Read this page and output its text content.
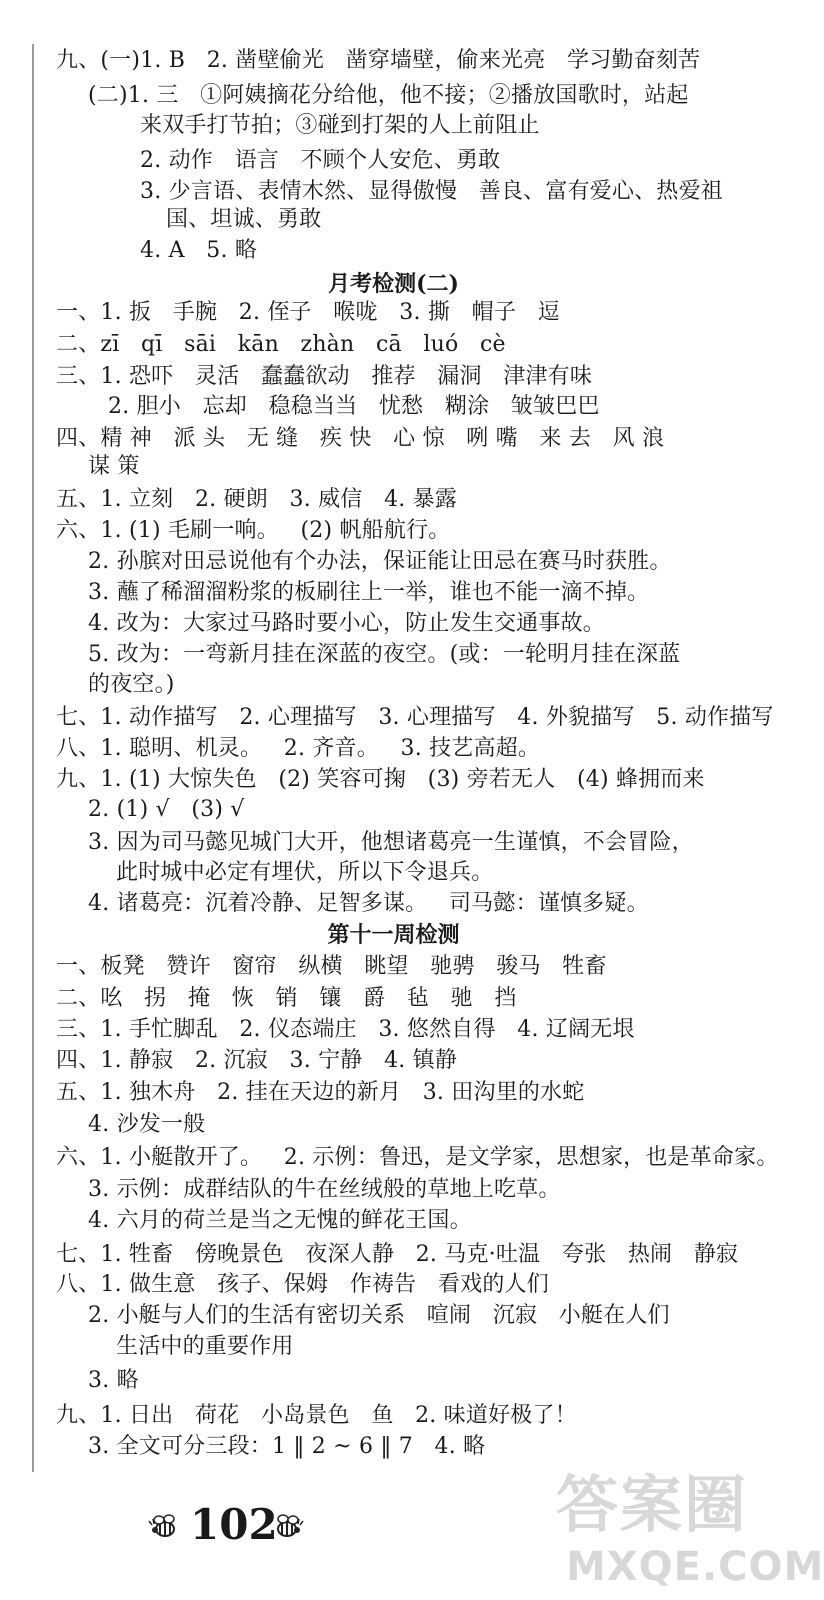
九、(一)1. B   2. 凿壁偷光   凿穿墙壁，偷来光亮   学习勤奋刻苦
(二)1. 三   ①阿姨摘花分给他，他不接；②播放国歌时，站起
来双手打节拍；③碰到打架的人上前阻止
2. 动作   语言   不顾个人安危、勇敢
3. 少言语、表情木然、显得傲慢   善良、富有爱心、热爱祖
国、坦诚、勇敢
4. A   5. 略
月考检测(二)
一、1. 扳   手腕   2. 侄子   喉咙   3. 撕   帽子   逗
二、zī   qī   sāi   kān   zhàn   cā   luó   cè
三、1. 恐吓   灵活   蠢蠢欲动   推荐   漏洞   津津有味
2. 胆小   忘却   稳稳当当   忧愁   糊涂   皱皱巴巴
四、精 神   派 头   无 缝   疾 快   心 惊   咧 嘴   来 去   风 浪
谋 策
五、1. 立刻   2. 硬朗   3. 威信   4. 暴露
六、1. (1) 毛刷一响。   (2) 帆船航行。
2. 孙膑对田忌说他有个办法，保证能让田忌在赛马时获胜。
3. 蘸了稀溜溜粉浆的板刷往上一举，谁也不能一滴不掉。
4. 改为：大家过马路时要小心，防止发生交通事故。
5. 改为：一弯新月挂在深蓝的夜空。(或：一轮明月挂在深蓝
的夜空。)
七、1. 动作描写   2. 心理描写   3. 心理描写   4. 外貌描写   5. 动作描写
八、1. 聪明、机灵。   2. 齐音。   3. 技艺高超。
九、1. (1) 大惊失色   (2) 笑容可掬   (3) 旁若无人   (4) 蜂拥而来
2. (1) √   (3) √
3. 因为司马懿见城门大开，他想诸葛亮一生谨慎，不会冒险，
此时城中必定有埋伏，所以下令退兵。
4. 诸葛亮：沉着冷静、足智多谋。   司马懿：谨慎多疑。
第十一周检测
一、板凳   赞许   窗帘   纵横   眺望   驰骋   骏马   牲畜
二、吆   拐   掩   恢   销   镶   爵   毡   驰   挡
三、1. 手忙脚乱   2. 仪态端庄   3. 悠然自得   4. 辽阔无垠
四、1. 静寂   2. 沉寂   3. 宁静   4. 镇静
五、1. 独木舟   2. 挂在天边的新月   3. 田沟里的水蛇
4. 沙发一般
六、1. 小艇散开了。   2. 示例：鲁迅，是文学家，思想家，也是革命家。
3. 示例：成群结队的牛在丝绒般的草地上吃草。
4. 六月的荷兰是当之无愧的鲜花王国。
七、1. 牲畜   傍晚景色   夜深人静   2. 马克·吐温   夸张   热闹   静寂
八、1. 做生意   孩子、保姆   作祷告   看戏的人们
2. 小艇与人们的生活有密切关系   喧闹   沉寂   小艇在人们
生活中的重要作用
3. 略
九、1. 日出   荷花   小岛景色   鱼   2. 味道好极了！
3. 全文可分三段：1 ‖ 2 ~ 6 ‖ 7   4. 略
102	答案圈
MXQE.COM
